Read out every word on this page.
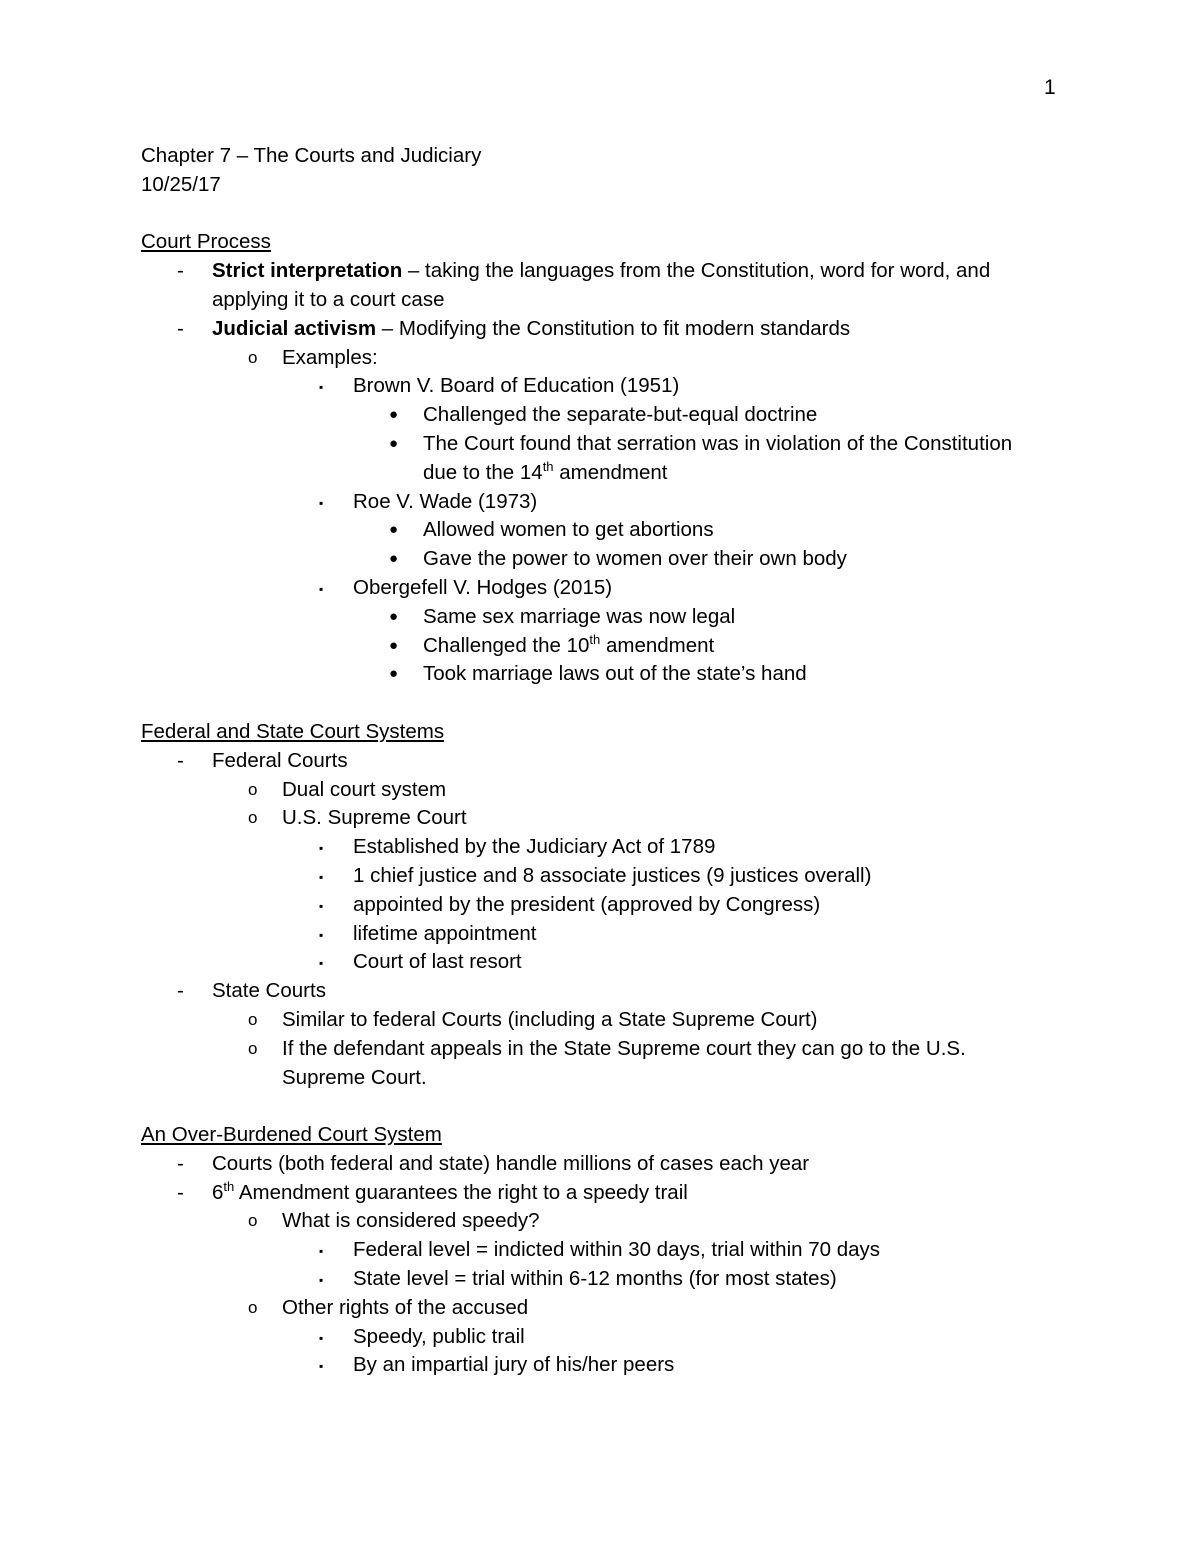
1
Chapter 7 – The Courts and Judiciary
10/25/17
Court Process
- Strict interpretation – taking the languages from the Constitution, word for word, and
applying it to a court case
- Judicial activism – Modifying the Constitution to fit modern standards
o Examples:
▪ Brown V. Board of Education (1951)
● Challenged the separate-but-equal doctrine
● The Court found that serration was in violation of the Constitution
due to the 14th amendment
▪ Roe V. Wade (1973)
● Allowed women to get abortions
● Gave the power to women over their own body
▪ Obergefell V. Hodges (2015)
● Same sex marriage was now legal
● Challenged the 10th amendment
● Took marriage laws out of the state’s hand
Federal and State Court Systems
- Federal Courts
o Dual court system
o U.S. Supreme Court
▪ Established by the Judiciary Act of 1789
▪ 1 chief justice and 8 associate justices (9 justices overall)
▪ appointed by the president (approved by Congress)
▪ lifetime appointment
▪ Court of last resort
- State Courts
o Similar to federal Courts (including a State Supreme Court)
o If the defendant appeals in the State Supreme court they can go to the U.S.
Supreme Court.
An Over-Burdened Court System
- Courts (both federal and state) handle millions of cases each year
- 6th Amendment guarantees the right to a speedy trail
o What is considered speedy?
▪ Federal level = indicted within 30 days, trial within 70 days
▪ State level = trial within 6-12 months (for most states)
o Other rights of the accused
▪ Speedy, public trail
▪ By an impartial jury of his/her peers
